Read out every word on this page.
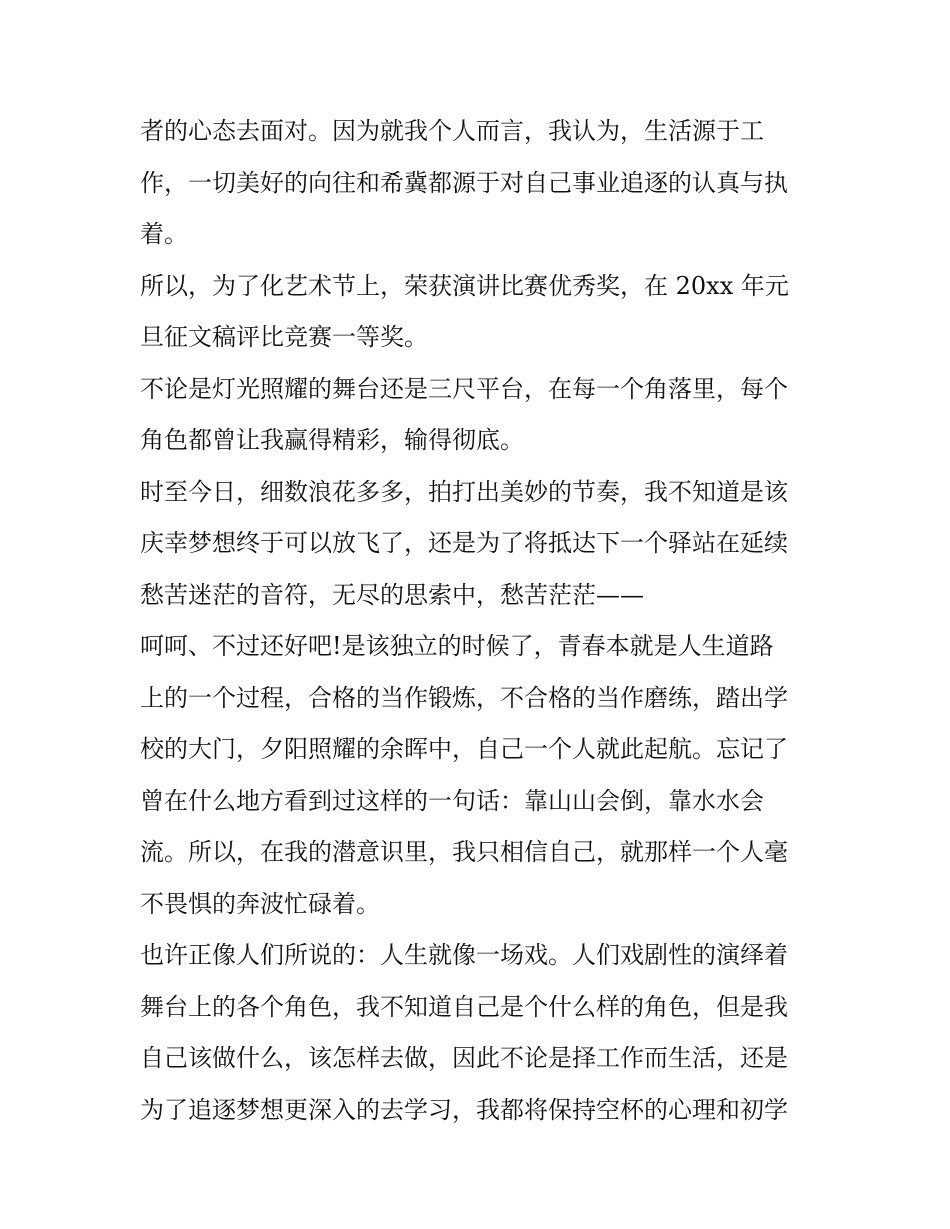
者的心态去面对。因为就我个人而言，我认为，生活源于工
作，一切美好的向往和希冀都源于对自己事业追逐的认真与执
着。
所以，为了化艺术节上，荣获演讲比赛优秀奖，在 20xx 年元
旦征文稿评比竞赛一等奖。
不论是灯光照耀的舞台还是三尺平台，在每一个角落里，每个
角色都曾让我赢得精彩，输得彻底。
时至今日，细数浪花多多，拍打出美妙的节奏，我不知道是该
庆幸梦想终于可以放飞了，还是为了将抵达下一个驿站在延续
愁苦迷茫的音符，无尽的思索中，愁苦茫茫——
呵呵、不过还好吧!是该独立的时候了，青春本就是人生道路
上的一个过程，合格的当作锻炼，不合格的当作磨练，踏出学
校的大门，夕阳照耀的余晖中，自己一个人就此起航。忘记了
曾在什么地方看到过这样的一句话：靠山山会倒，靠水水会
流。所以，在我的潜意识里，我只相信自己，就那样一个人毫
不畏惧的奔波忙碌着。
也许正像人们所说的：人生就像一场戏。人们戏剧性的演绎着
舞台上的各个角色，我不知道自己是个什么样的角色，但是我
自己该做什么，该怎样去做，因此不论是择工作而生活，还是
为了追逐梦想更深入的去学习，我都将保持空杯的心理和初学
